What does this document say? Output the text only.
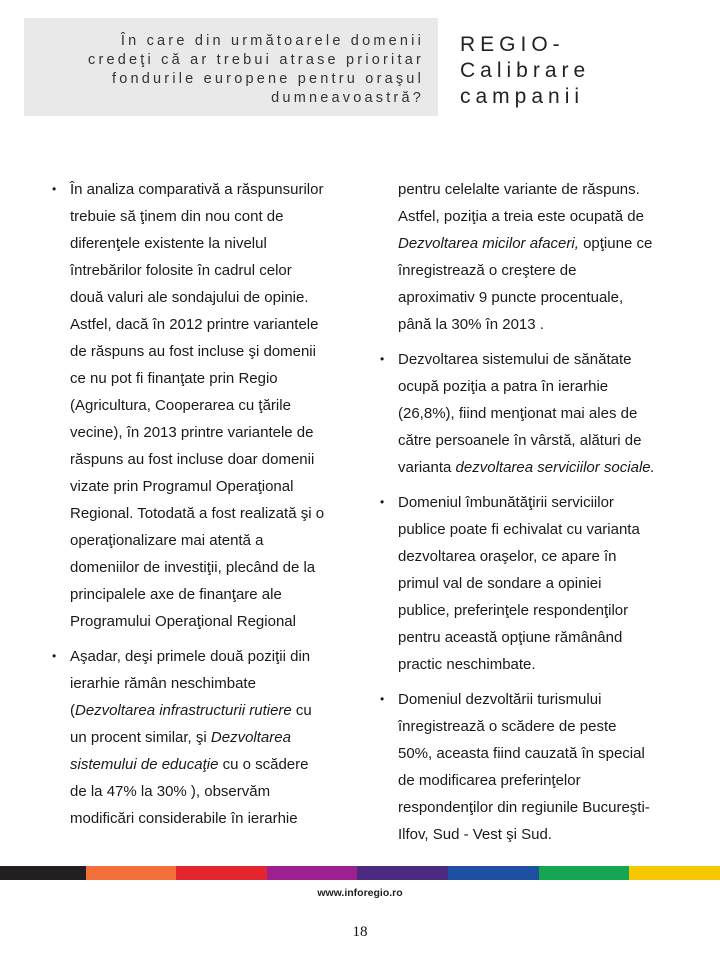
În care din următoarele domenii
credeţi că ar trebui atrase prioritar
fondurile europene pentru oraşul
dumneavoastră?
REGIO-
Calibrare
campanii
• În analiza comparativă a răspunsurilor
trebuie să ţinem din nou cont de
diferenţele existente la nivelul
întrebărilor folosite în cadrul celor
două valuri ale sondajului de opinie.
Astfel, dacă în 2012 printre variantele
de răspuns au fost incluse şi domenii
ce nu pot fi finanţate prin Regio
(Agricultura, Cooperarea cu ţările
vecine), în 2013 printre variantele de
răspuns au fost incluse doar domenii
vizate prin Programul Operaţional
Regional. Totodată a fost realizată şi o
operaţionalizare mai atentă a
domeniilor de investiţii, plecând de la
principalele axe de finanţare ale
Programului Operaţional Regional
• Aşadar, deşi primele două poziţii din
ierarhie rămân neschimbate
(Dezvoltarea infrastructurii rutiere cu
un procent similar, şi Dezvoltarea
sistemului de educaţie cu o scădere
de la 47% la 30% ), observăm
modificări considerabile în ierarhie
pentru celelalte variante de răspuns.
Astfel, poziţia a treia este ocupată de
Dezvoltarea micilor afaceri, opţiune ce
înregistrează o creştere de
aproximativ 9 puncte procentuale,
până la 30% în 2013 .
• Dezvoltarea sistemului de sănătate
ocupă poziţia a patra în ierarhie
(26,8%), fiind menţionat mai ales de
către persoanele în vârstă, alături de
varianta dezvoltarea serviciilor sociale.
• Domeniul îmbunătăţirii serviciilor
publice poate fi echivalat cu varianta
dezvoltarea oraşelor, ce apare în
primul val de sondare a opiniei
publice, preferinţele respondenţilor
pentru această opţiune rămânând
practic neschimbate.
• Domeniul dezvoltării turismului
înregistrează o scădere de peste
50%, aceasta fiind cauzată în special
de modificarea preferinţelor
respondenţilor din regiunile Bucureşti-
Ilfov, Sud - Vest şi Sud.
www.inforegio.ro
18
